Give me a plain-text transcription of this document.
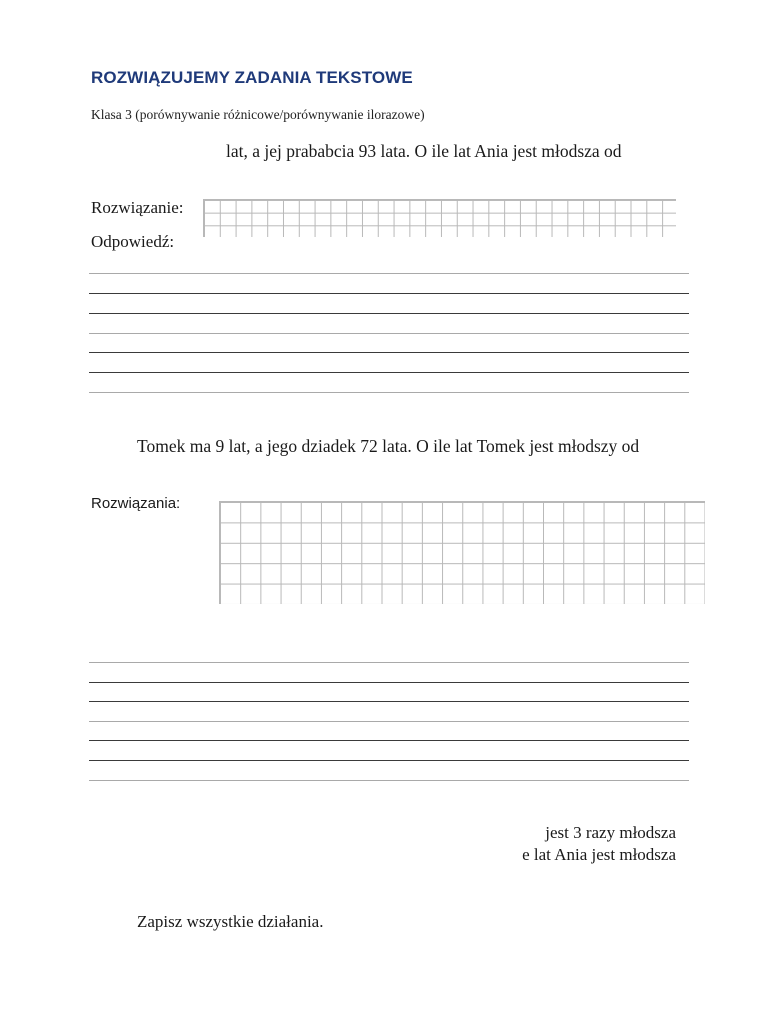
ROZWIĄZUJEMY ZADANIA TEKSTOWE
Klasa 3 (porównywanie różnicowe/porównywanie ilorazowe)
lat, a jej prababcia 93 lata. O ile lat Ania jest młodsza od
Rozwiązanie:
Odpowiedź:
Tomek ma 9 lat, a jego dziadek 72 lata. O ile lat Tomek jest młodszy od
Rozwiązania:
jest 3 razy młodsza
e lat Ania jest młodsza
Zapisz wszystkie działania.
